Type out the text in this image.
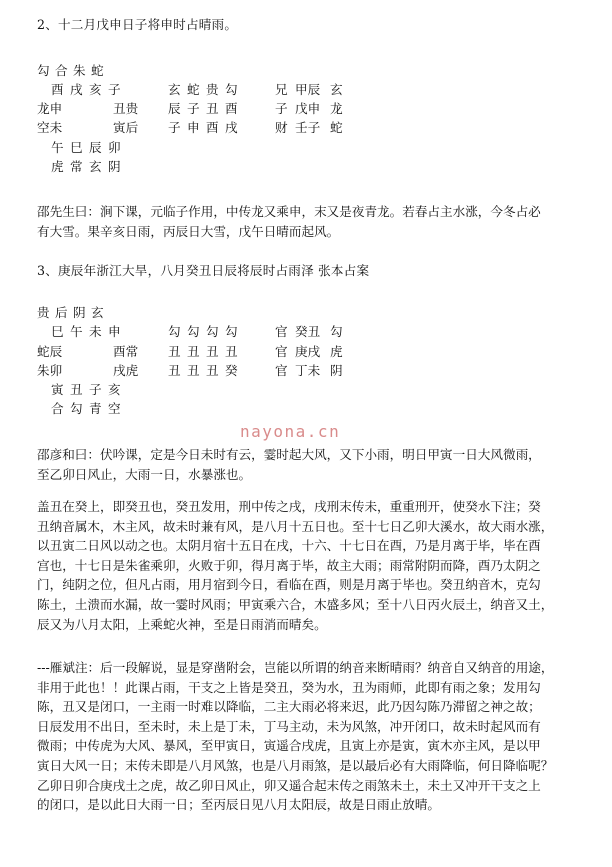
2、十二月戊申日子将申时占晴雨。
勾 合 朱 蛇
酉 戌 亥 子	玄 蛇 贵 勾	兄 甲辰 玄
龙申	丑贵 辰 子 丑 酉	子 戊申 龙
空未	寅后 子 申 酉 戌	财 壬子 蛇
午 巳 辰 卯
虎 常 玄 阴
邵先生曰：涧下课，元临子作用，中传龙又乘申，末又是夜青龙。若春占主水涨，今冬占必
有大雪。果辛亥日雨，丙辰日大雪，戊午日晴而起风。
3、庚辰年浙江大旱，八月癸丑日辰将辰时占雨泽 张本占案
贵 后 阴 玄
巳 午 未 申	勾 勾 勾 勾	官 癸丑 勾
蛇辰	酉常 丑 丑 丑 丑	官 庚戌 虎
朱卯	戌虎 丑 丑 丑 癸	官 丁未 阴
寅 丑 子 亥
合 勾 青 空
nayona.cn
邵彦和曰：伏吟课，定是今日未时有云，霎时起大风，又下小雨，明日甲寅一日大风微雨，
至乙卯日风止，大雨一日，水暴涨也。
盖丑在癸上，即癸丑也，癸丑发用，刑中传之戌，戌刑末传未，重重刑开，使癸水下注；癸
丑纳音属木，木主风，故未时兼有风，是八月十五日也。至十七日乙卯大溪水，故大雨水涨，
以丑寅二日风以动之也。太阴月宿十五日在戌，十六、十七日在酉，乃是月离于毕，毕在酉
宫也，十七日是朱雀乘卯，火败于卯，得月离于毕，故主大雨；雨常附阴而降，酉乃太阴之
门，纯阴之位，但凡占雨，用月宿到今日，看临在酉，则是月离于毕也。癸丑纳音木，克勾
陈土，土溃而水漏，故一霎时风雨；甲寅乘六合，木盛多风；至十八日丙火辰土，纳音又土，
辰又为八月太阳，上乘蛇火神，至是日雨消而晴矣。
---雁斌注：后一段解说，显是穿凿附会，岂能以所谓的纳音来断晴雨？纳音自又纳音的用途，
非用于此也！！此课占雨，干支之上皆是癸丑，癸为水，丑为雨师，此即有雨之象；发用勾
陈，丑又是闭口，一主雨一时难以降临，二主大雨必将来迟，此乃因勾陈乃滞留之神之故；
日辰发用不出日，至未时，未上是丁未，丁马主动，未为风煞，冲开闭口，故未时起风而有
微雨；中传虎为大风、暴风，至甲寅日，寅遥合戌虎，且寅上亦是寅，寅木亦主风，是以甲
寅日大风一日；末传未即是八月风煞，也是八月雨煞，是以最后必有大雨降临，何日降临呢？
乙卯日卯合庚戌土之虎，故乙卯日风止，卯又遥合起末传之雨煞未土，未土又冲开干支之上
的闭口，是以此日大雨一日；至丙辰日见八月太阳辰，故是日雨止放晴。
